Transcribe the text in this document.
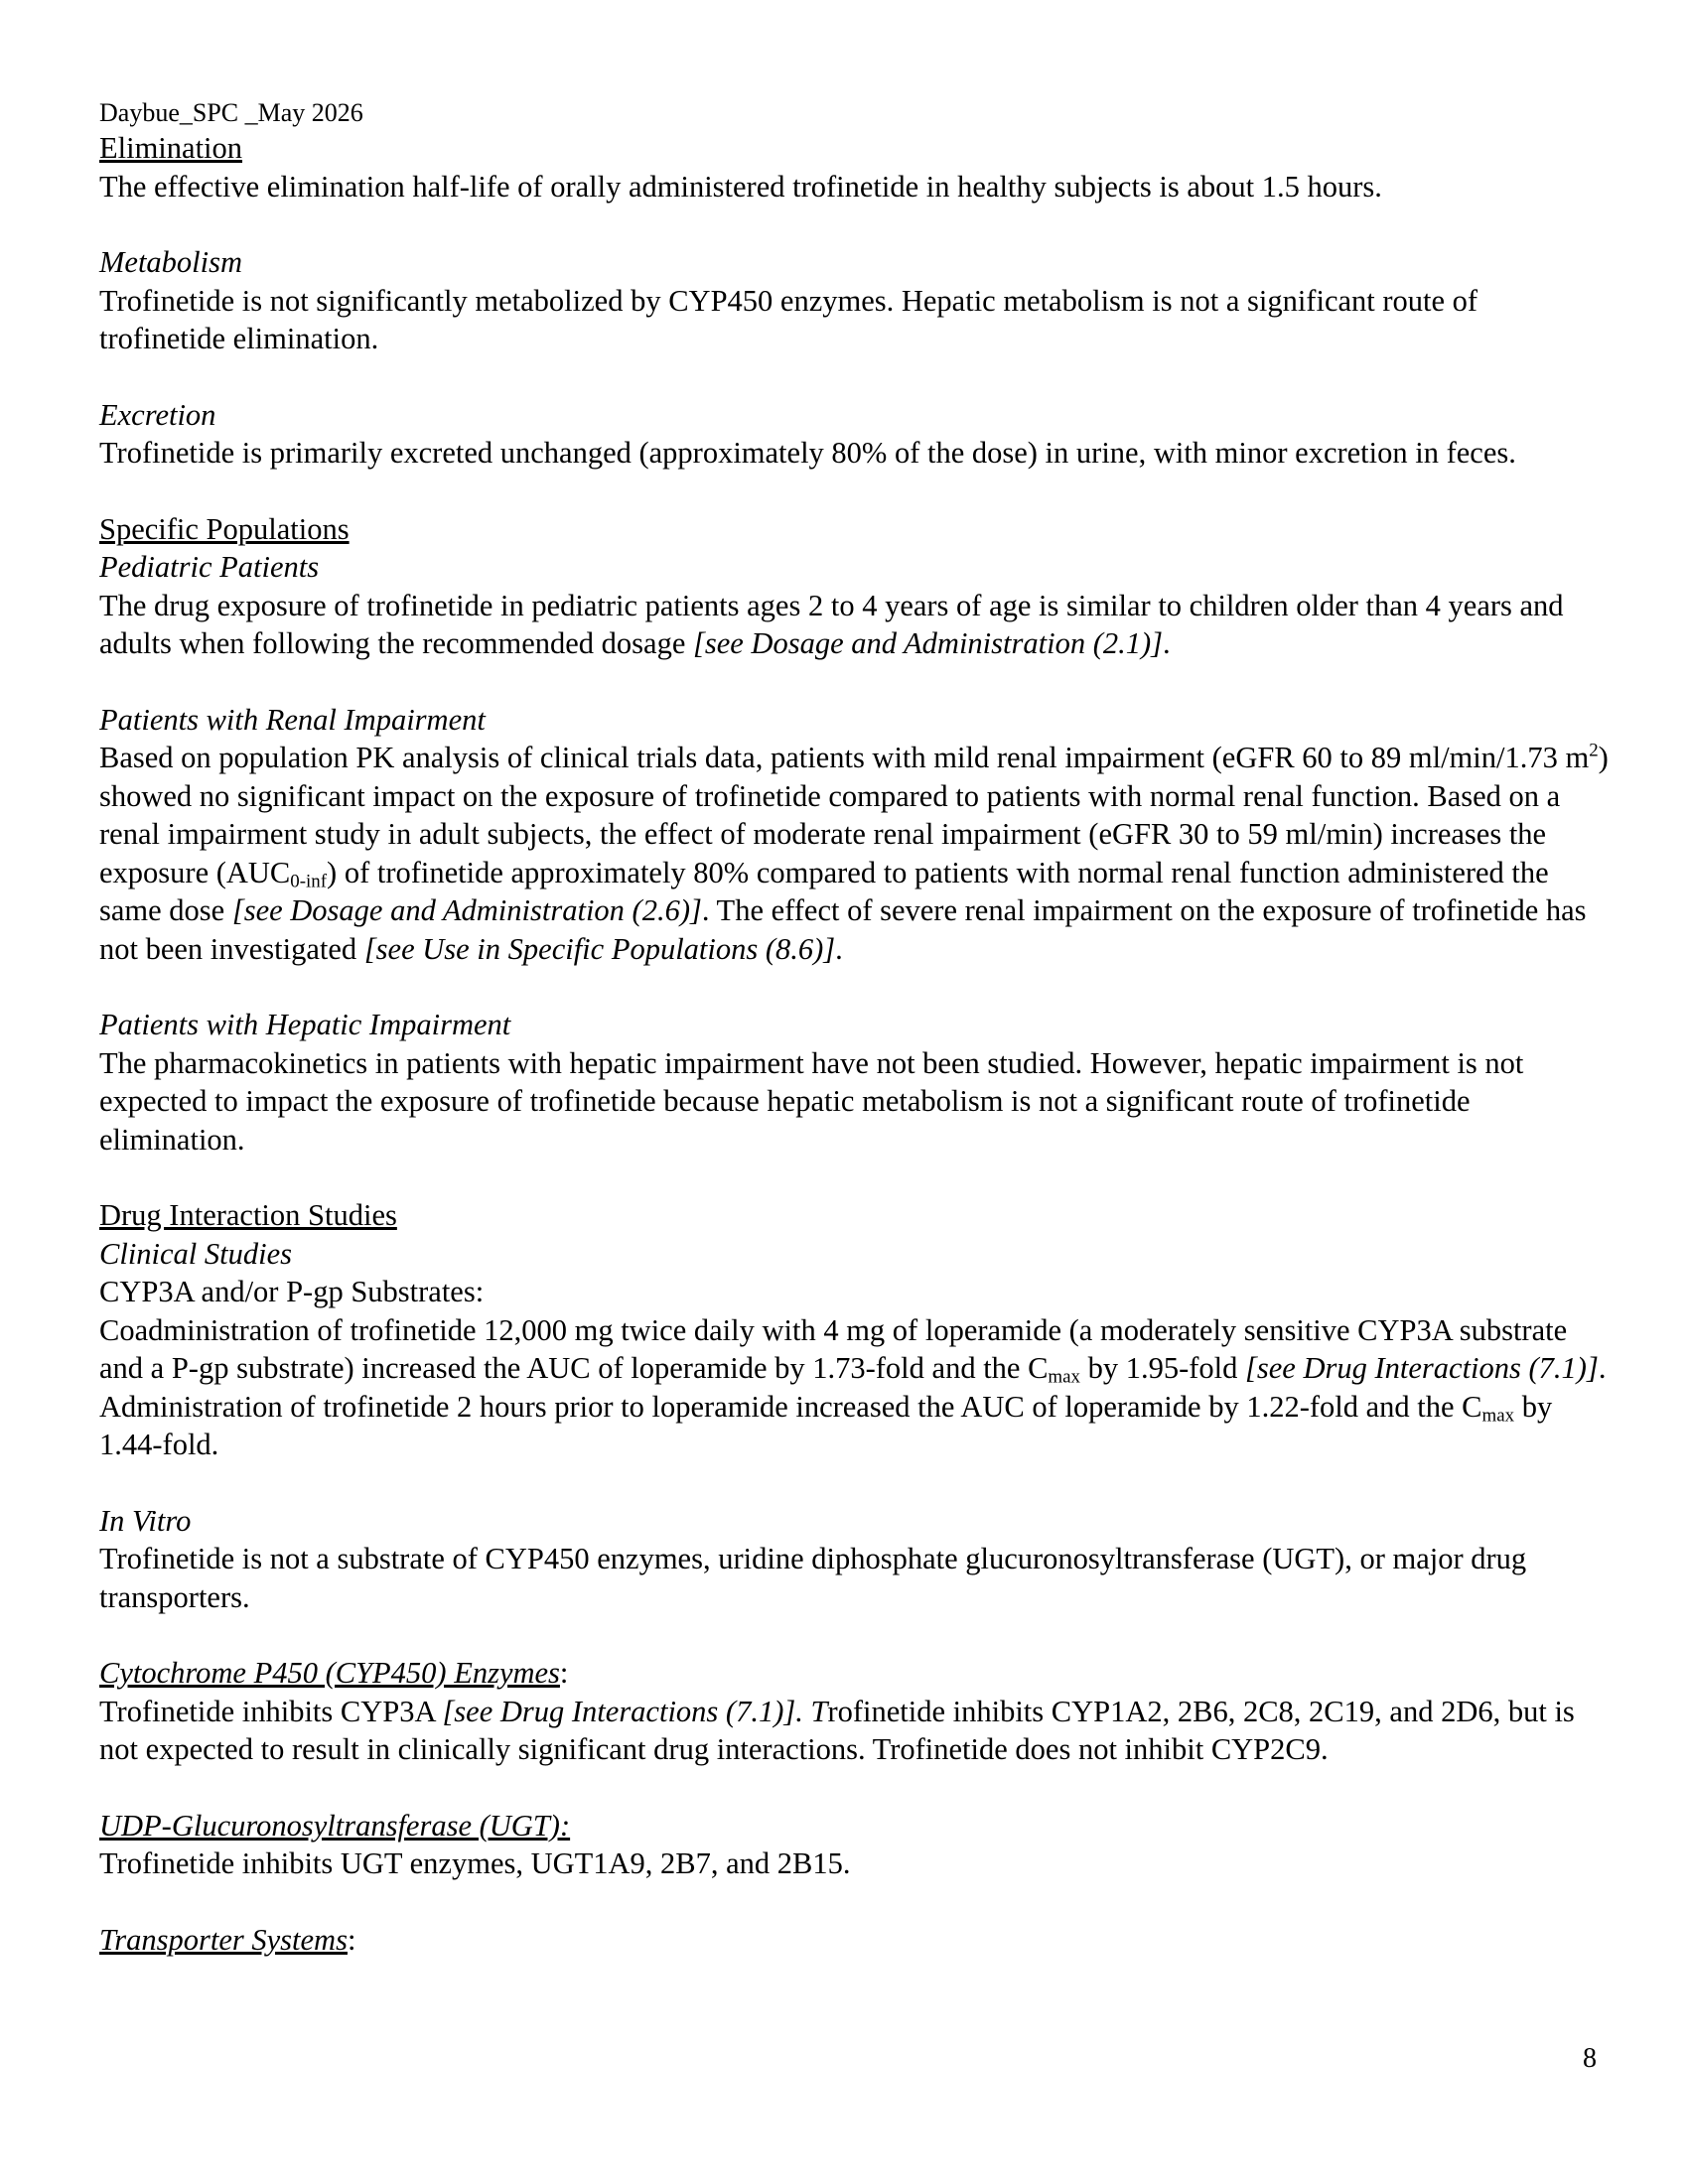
Daybue_SPC _May 2026

Elimination

The effective elimination half-life of orally administered trofinetide in healthy subjects is about 1.5 hours.

Metabolism

Trofinetide is not significantly metabolized by CYP450 enzymes. Hepatic metabolism is not a significant route of trofinetide elimination.

Excretion

Trofinetide is primarily excreted unchanged (approximately 80% of the dose) in urine, with minor excretion in feces.

Specific Populations

Pediatric Patients

The drug exposure of trofinetide in pediatric patients ages 2 to 4 years of age is similar to children older than 4 years and adults when following the recommended dosage [see Dosage and Administration (2.1)].

Patients with Renal Impairment

Based on population PK analysis of clinical trials data, patients with mild renal impairment (eGFR 60 to 89 ml/min/1.73 $m^2$) showed no significant impact on the exposure of trofinetide compared to patients with normal renal function. Based on a renal impairment study in adult subjects, the effect of moderate renal impairment (eGFR 30 to 59 ml/min) increases the exposure $(AUC_{0-inf})$ of trofinetide approximately 80% compared to patients with normal renal function administered the same dose [see Dosage and Administration (2.6)]. The effect of severe renal impairment on the exposure of trofinetide has not been investigated [see Use in Specific Populations (8.6)].

Patients with Hepatic Impairment

The pharmacokinetics in patients with hepatic impairment have not been studied. However, hepatic impairment is not expected to impact the exposure of trofinetide because hepatic metabolism is not a significant route of trofinetide elimination.

Drug Interaction Studies

Clinical Studies

CYP3A and/or P-gp Substrates:

Coadministration of trofinetide 12,000 mg twice daily with 4 mg of loperamide (a moderately sensitive CYP3A substrate and a P-gp substrate) increased the AUC of loperamide by 1.73-fold and the $C_{max}$ by 1.95-fold [see Drug Interactions (7.1)]. Administration of trofinetide 2 hours prior to loperamide increased the AUC of loperamide by 1.22-fold and the $C_{max}$ by 1.44-fold.

In Vitro

Trofinetide is not a substrate of CYP450 enzymes, uridine diphosphate glucuronosyltransferase (UGT), or major drug transporters.

Cytochrome P450 (CYP450) Enzymes:

Trofinetide inhibits CYP3A [see Drug Interactions (7.1)]. Trofinetide inhibits CYP1A2, 2B6, 2C8, 2C19, and 2D6, but is not expected to result in clinically significant drug interactions. Trofinetide does not inhibit CYP2C9.

UDP-Glucuronosyltransferase (UGT):

Trofinetide inhibits UGT enzymes, UGT1A9, 2B7, and 2B15.

Transporter Systems:

8
